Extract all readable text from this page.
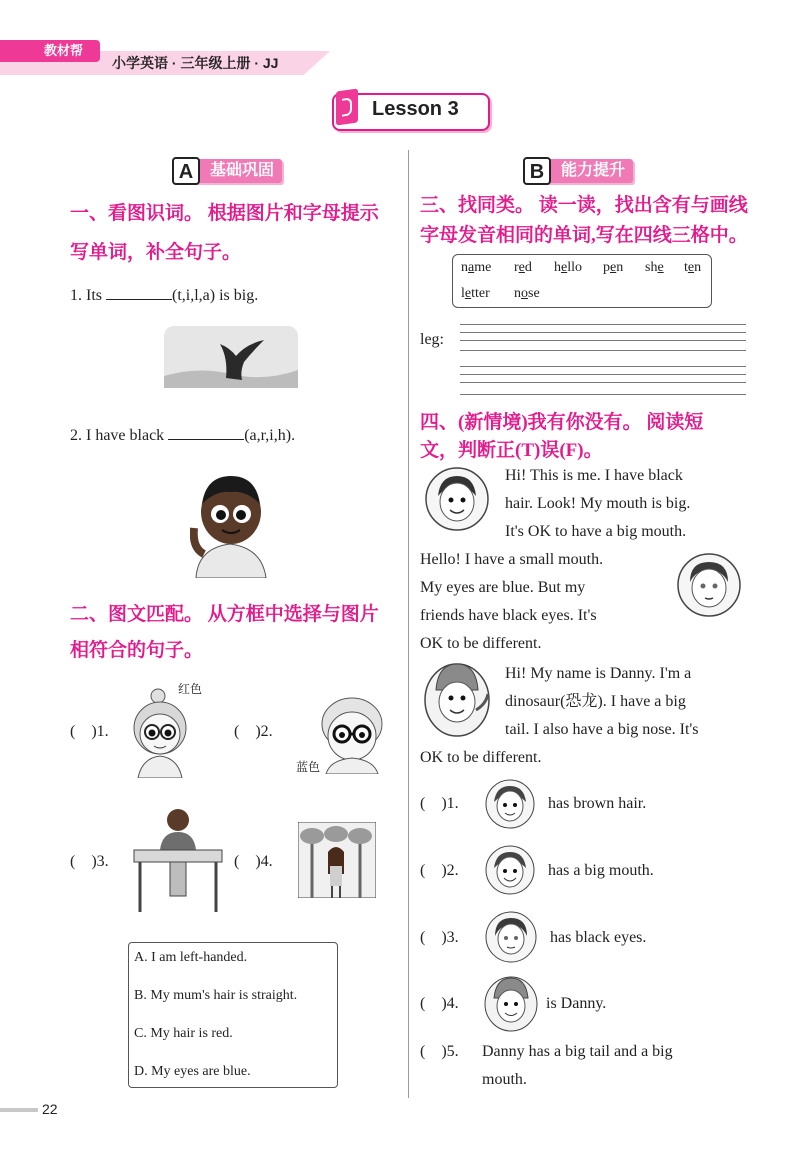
教材帮
小学英语 · 三年级上册 · JJ
Lesson 3
基础巩固
A	能力提升
B
一、看图识词。 根据图片和字母提示
写单词，补全句子。
1. Its	(t,i,l,a) is big.
2. I have black	(a,r,i,h).
二、图文匹配。 从方框中选择与图片
相符合的句子。
(　)1.	(　)2.
(　)3.	(　)4.
红色
蓝色
A. I am left-handed.
B. My mum's hair is straight.
C. My hair is red.
D. My eyes are blue.
三、找同类。 读一读，找出含有与画线
字母发音相同的单词,写在四线三格中。
name red hello pen she ten
letter nose
leg:
四、(新情境)我有你没有。 阅读短
文，判断正(T)误(F)。
Hi! This is me. I have black
hair. Look! My mouth is big.
It's OK to have a big mouth.
Hello! I have a small mouth.
My eyes are blue. But my
friends have black eyes. It's
OK to be different.
Hi! My name is Danny. I'm a
dinosaur(恐龙). I have a big
tail. I also have a big nose. It's
OK to be different.
(　)1.	has brown hair.
(　)2.	has a big mouth.
(　)3.	has black eyes.
(　)4.	is Danny.
(　)5. Danny has a big tail and a big
mouth.
22
